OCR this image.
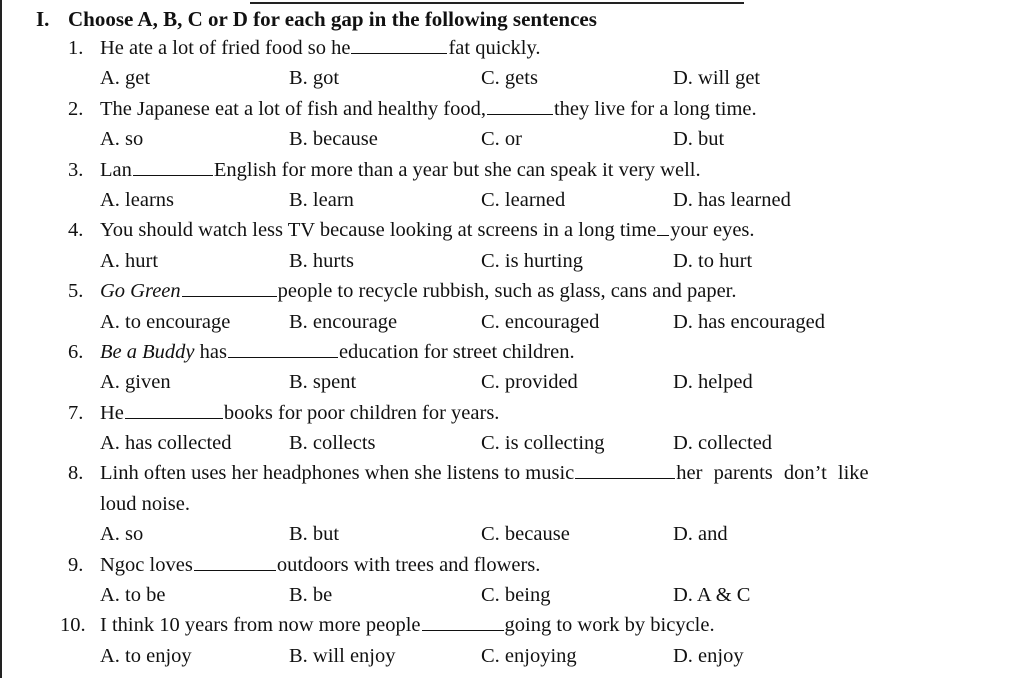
I. Choose A, B, C or D for each gap in the following sentences
1. He ate a lot of fried food so he	fat quickly.
A. get	B. got	C. gets	D. will get
2. The Japanese eat a lot of fish and healthy food,	they live for a long time.
A. so	B. because	C. or	D. but
3. Lan	English for more than a year but she can speak it very well.
A. learns	B. learn	C. learned	D. has learned
4. You should watch less TV because looking at screens in a long time your eyes.
A. hurt	B. hurts	C. is hurting	D. to hurt
5. Go Green	people to recycle rubbish, such as glass, cans and paper.
A. to encourage	B. encourage	C. encouraged	D. has encouraged
6. Be a Buddy has	education for street children.
A. given	B. spent	C. provided	D. helped
7. He	books for poor children for years.
A. has collected	B. collects	C. is collecting	D. collected
8. Linh often uses her headphones when she listens to music	her parents don’t like
loud noise.
A. so	B. but	C. because	D. and
9. Ngoc loves	outdoors with trees and flowers.
A. to be	B. be	C. being	D. A & C
10. I think 10 years from now more people	going to work by bicycle.
A. to enjoy	B. will enjoy	C. enjoying	D. enjoy
